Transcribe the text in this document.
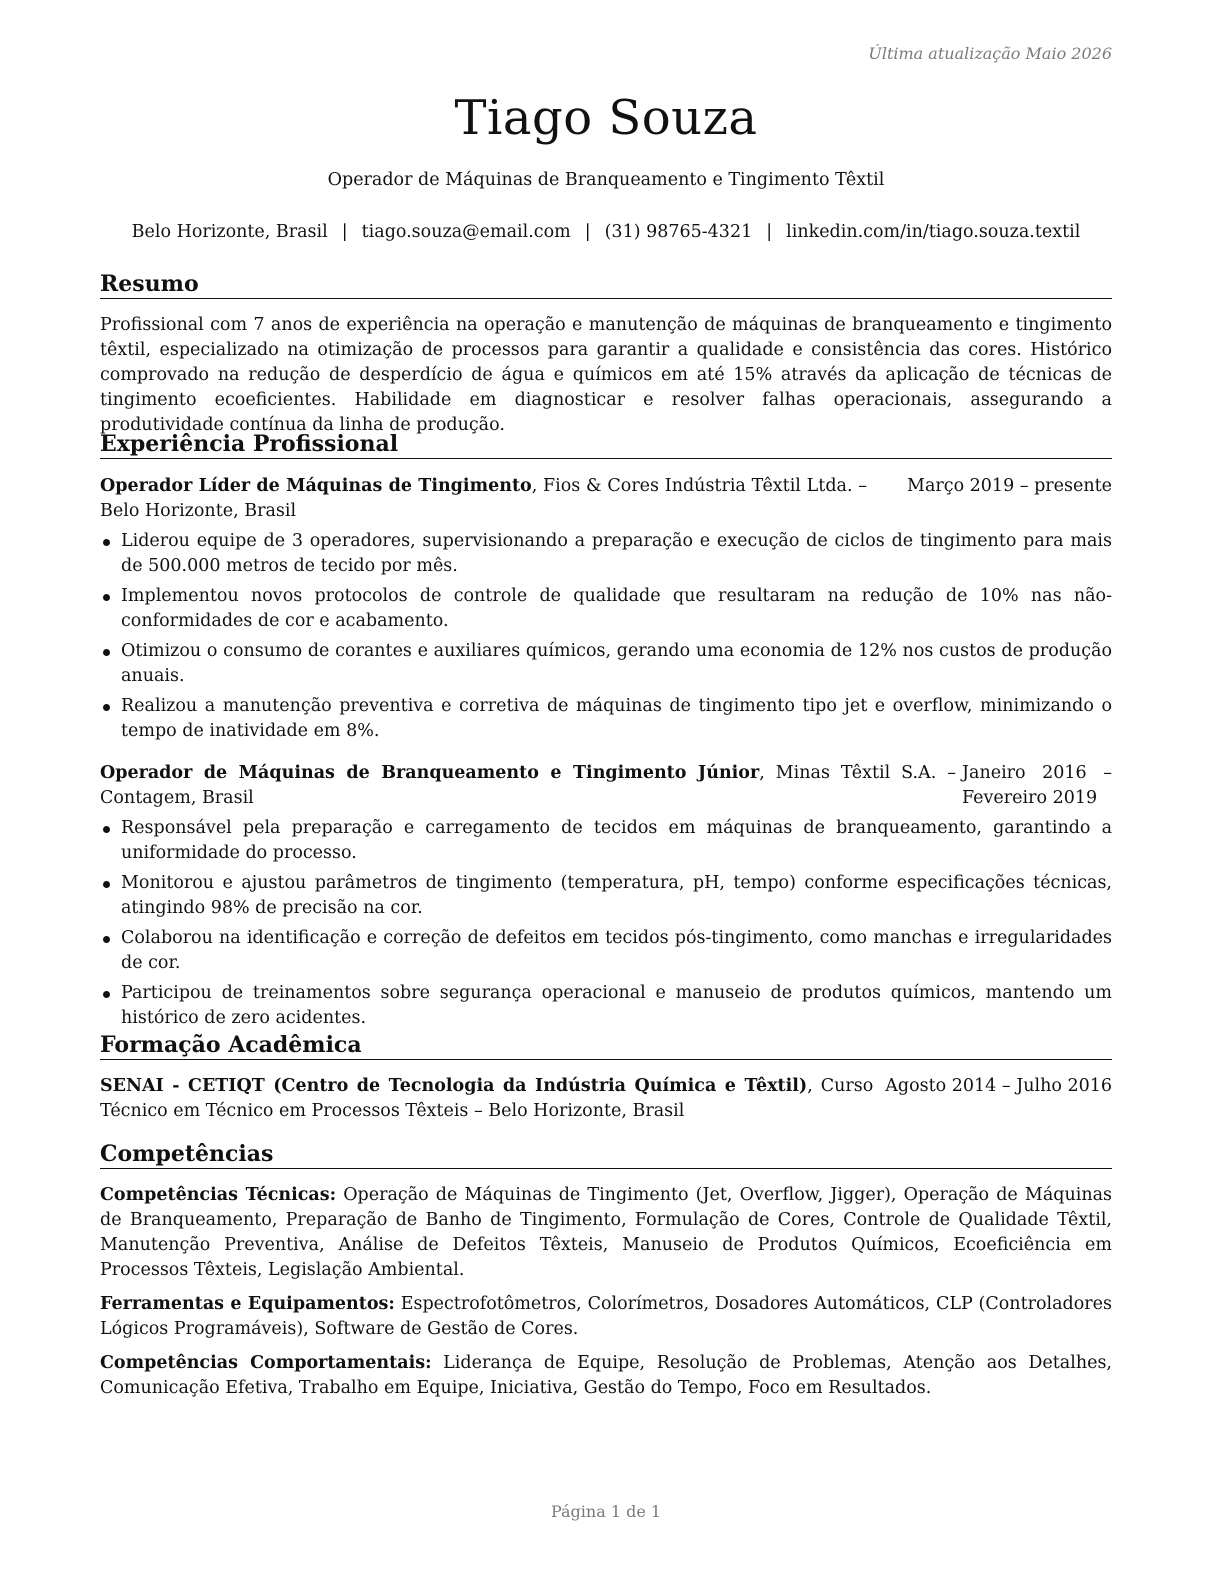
Última atualização Maio 2026
Tiago Souza
Operador de Máquinas de Branqueamento e Tingimento Têxtil
Belo Horizonte, Brasil | tiago.souza@email.com | (31) 98765-4321 | linkedin.com/in/tiago.souza.textil
Resumo
Profissional com 7 anos de experiência na operação e manutenção de máquinas de branqueamento e tingimento têxtil, especializado na otimização de processos para garantir a qualidade e consistência das cores. Histórico comprovado na redução de desperdício de água e químicos em até 15% através da aplicação de técnicas de tingimento ecoeficientes. Habilidade em diagnosticar e resolver falhas operacionais, assegurando a produtividade contínua da linha de produção.
Experiência Profissional
Operador Líder de Máquinas de Tingimento, Fios & Cores Indústria Têxtil Ltda. – Belo Horizonte, Brasil
Março 2019 – presente
Liderou equipe de 3 operadores, supervisionando a preparação e execução de ciclos de tingimento para mais de 500.000 metros de tecido por mês.
Implementou novos protocolos de controle de qualidade que resultaram na redução de 10% nas não-conformidades de cor e acabamento.
Otimizou o consumo de corantes e auxiliares químicos, gerando uma economia de 12% nos custos de produção anuais.
Realizou a manutenção preventiva e corretiva de máquinas de tingimento tipo jet e overflow, minimizando o tempo de inatividade em 8%.
Operador de Máquinas de Branqueamento e Tingimento Júnior, Minas Têxtil S.A. – Contagem, Brasil
Janeiro 2016 – Fevereiro 2019
Responsável pela preparação e carregamento de tecidos em máquinas de branqueamento, garantindo a uniformidade do processo.
Monitorou e ajustou parâmetros de tingimento (temperatura, pH, tempo) conforme especificações técnicas, atingindo 98% de precisão na cor.
Colaborou na identificação e correção de defeitos em tecidos pós-tingimento, como manchas e irregularidades de cor.
Participou de treinamentos sobre segurança operacional e manuseio de produtos químicos, mantendo um histórico de zero acidentes.
Formação Acadêmica
SENAI - CETIQT (Centro de Tecnologia da Indústria Química e Têxtil), Curso Técnico em Técnico em Processos Têxteis – Belo Horizonte, Brasil
Agosto 2014 – Julho 2016
Competências
Competências Técnicas: Operação de Máquinas de Tingimento (Jet, Overflow, Jigger), Operação de Máquinas de Branqueamento, Preparação de Banho de Tingimento, Formulação de Cores, Controle de Qualidade Têxtil, Manutenção Preventiva, Análise de Defeitos Têxteis, Manuseio de Produtos Químicos, Ecoeficiência em Processos Têxteis, Legislação Ambiental.
Ferramentas e Equipamentos: Espectrofotômetros, Colorímetros, Dosadores Automáticos, CLP (Controladores Lógicos Programáveis), Software de Gestão de Cores.
Competências Comportamentais: Liderança de Equipe, Resolução de Problemas, Atenção aos Detalhes, Comunicação Efetiva, Trabalho em Equipe, Iniciativa, Gestão do Tempo, Foco em Resultados.
Página 1 de 1
